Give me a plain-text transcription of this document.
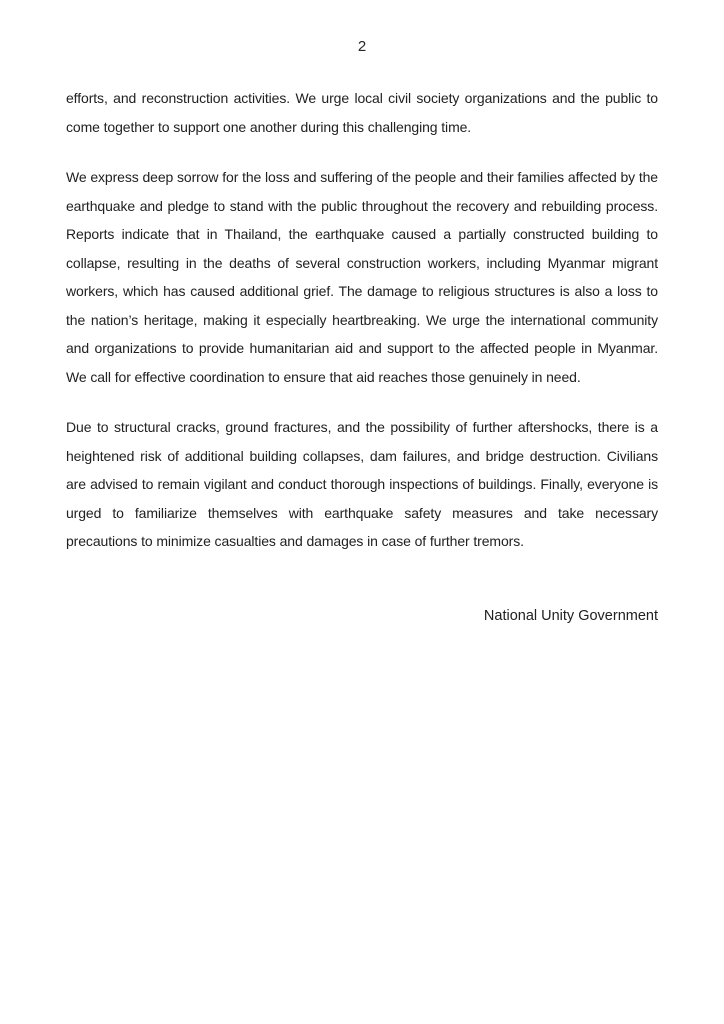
2

efforts, and reconstruction activities. We urge local civil society organizations and the public to come together to support one another during this challenging time.

We express deep sorrow for the loss and suffering of the people and their families affected by the earthquake and pledge to stand with the public throughout the recovery and rebuilding process. Reports indicate that in Thailand, the earthquake caused a partially constructed building to collapse, resulting in the deaths of several construction workers, including Myanmar migrant workers, which has caused additional grief. The damage to religious structures is also a loss to the nation’s heritage, making it especially heartbreaking. We urge the international community and organizations to provide humanitarian aid and support to the affected people in Myanmar. We call for effective coordination to ensure that aid reaches those genuinely in need.

Due to structural cracks, ground fractures, and the possibility of further aftershocks, there is a heightened risk of additional building collapses, dam failures, and bridge destruction. Civilians are advised to remain vigilant and conduct thorough inspections of buildings. Finally, everyone is urged to familiarize themselves with earthquake safety measures and take necessary precautions to minimize casualties and damages in case of further tremors.

National Unity Government
